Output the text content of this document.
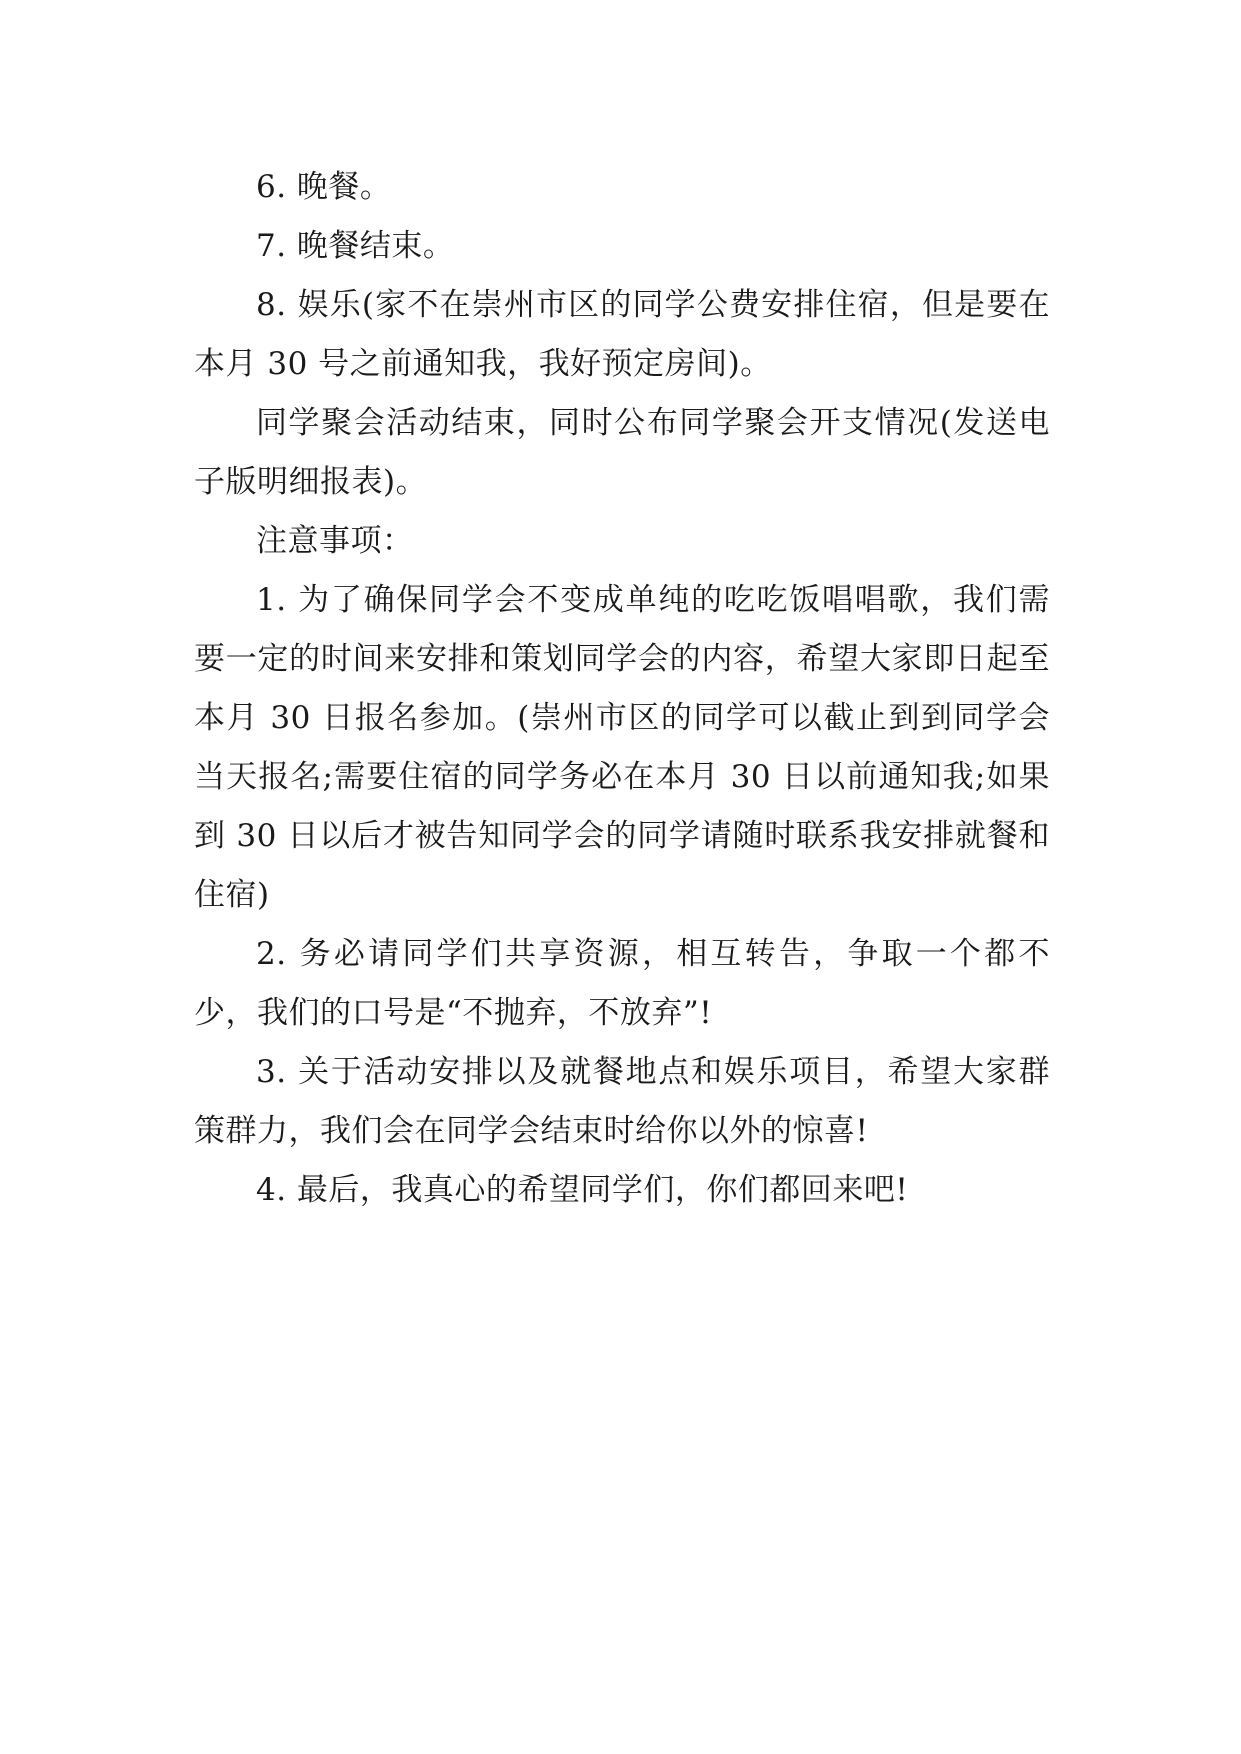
6. 晚餐。

7. 晚餐结束。

8. 娱乐(家不在崇州市区的同学公费安排住宿，但是要在本月 30 号之前通知我，我好预定房间)。

同学聚会活动结束，同时公布同学聚会开支情况(发送电子版明细报表)。

注意事项：

1. 为了确保同学会不变成单纯的吃吃饭唱唱歌，我们需要一定的时间来安排和策划同学会的内容，希望大家即日起至本月 30 日报名参加。(崇州市区的同学可以截止到到同学会当天报名;需要住宿的同学务必在本月 30 日以前通知我;如果到 30 日以后才被告知同学会的同学请随时联系我安排就餐和住宿)

2. 务必请同学们共享资源，相互转告，争取一个都不少，我们的口号是“不抛弃，不放弃”!

3. 关于活动安排以及就餐地点和娱乐项目，希望大家群策群力，我们会在同学会结束时给你以外的惊喜!

4. 最后，我真心的希望同学们，你们都回来吧!
